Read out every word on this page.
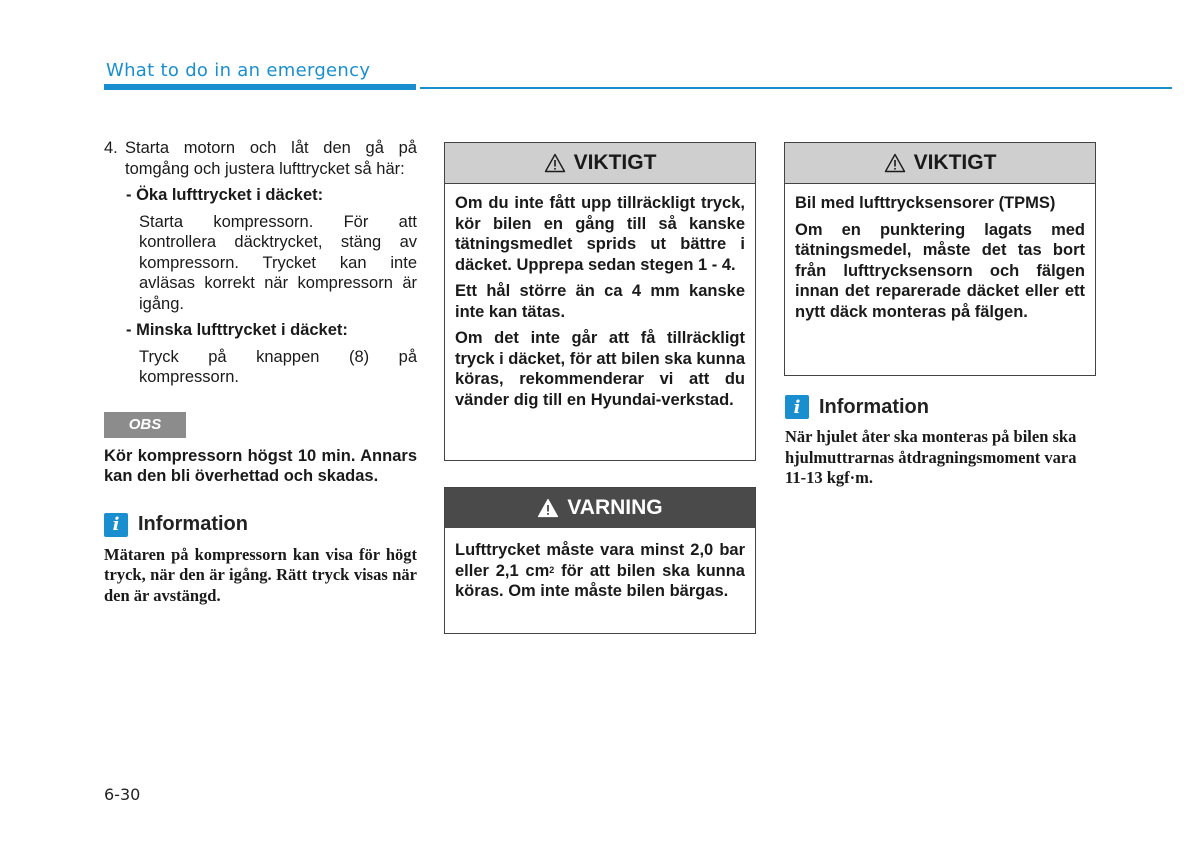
What to do in an emergency
4. Starta motorn och låt den gå på tomgång och justera lufttrycket så här:
- Öka lufttrycket i däcket:
Starta kompressorn. För att kontrollera däcktrycket, stäng av kompressorn. Trycket kan inte avläsas korrekt när kompressorn är igång.
- Minska lufttrycket i däcket:
Tryck på knappen (8) på kompressorn.
OBS
Kör kompressorn högst 10 min. Annars kan den bli överhettad och skadas.
i Information
Mätaren på kompressorn kan visa för högt tryck, när den är igång. Rätt tryck visas när den är avstängd.
VIKTIGT

Om du inte fått upp tillräckligt tryck, kör bilen en gång till så kanske tätningsmedlet sprids ut bättre i däcket. Upprepa sedan stegen 1 - 4.

Ett hål större än ca 4 mm kanske inte kan tätas.

Om det inte går att få tillräckligt tryck i däcket, för att bilen ska kunna köras, rekommenderar vi att du vänder dig till en Hyundai-verkstad.

VARNING

Lufttrycket måste vara minst 2,0 bar eller 2,1 $cm^2$ för att bilen ska kunna köras. Om inte måste bilen bärgas.

VIKTIGT

Bil med lufttrycksensorer (TPMS)

Om en punktering lagats med tätningsmedel, måste det tas bort från lufttrycksensorn och fälgen innan det reparerade däcket eller ett nytt däck monteras på fälgen.

i Information
När hjulet åter ska monteras på bilen ska hjulmuttrarnas åtdragningsmoment vara 11-13 kgf·m.
6-30
